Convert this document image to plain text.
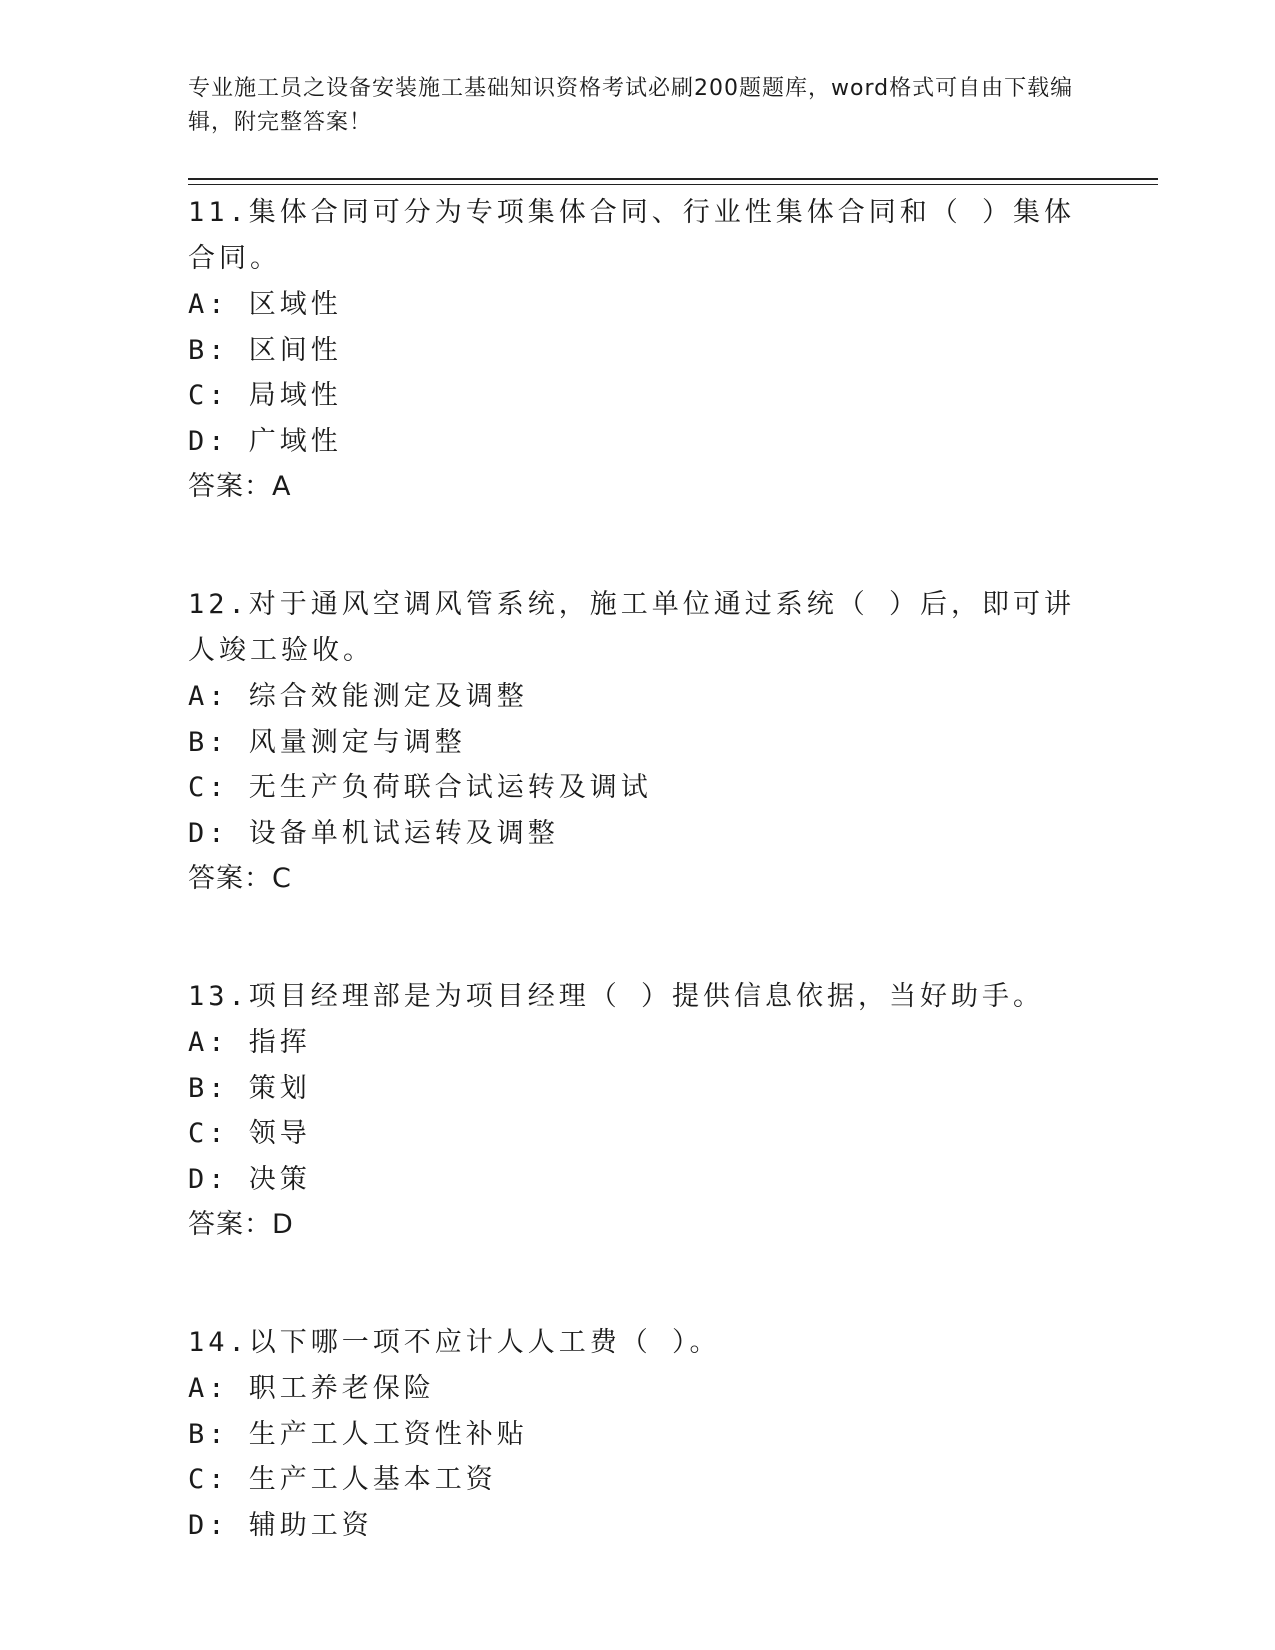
专业施工员之设备安装施工基础知识资格考试必刷200题题库，word格式可自由下载编辑，附完整答案！

11.集体合同可分为专项集体合同、行业性集体合同和（ ）集体合同。

A: 区域性

B: 区间性

C: 局域性

D: 广域性

答案：A

12.对于通风空调风管系统，施工单位通过系统（ ）后，即可讲人竣工验收。

A: 综合效能测定及调整

B: 风量测定与调整

C: 无生产负荷联合试运转及调试

D: 设备单机试运转及调整

答案：C

13.项目经理部是为项目经理（ ）提供信息依据，当好助手。

A: 指挥

B: 策划

C: 领导

D: 决策

答案：D

14.以下哪一项不应计人人工费（ ）。

A: 职工养老保险

B: 生产工人工资性补贴

C: 生产工人基本工资

D: 辅助工资
